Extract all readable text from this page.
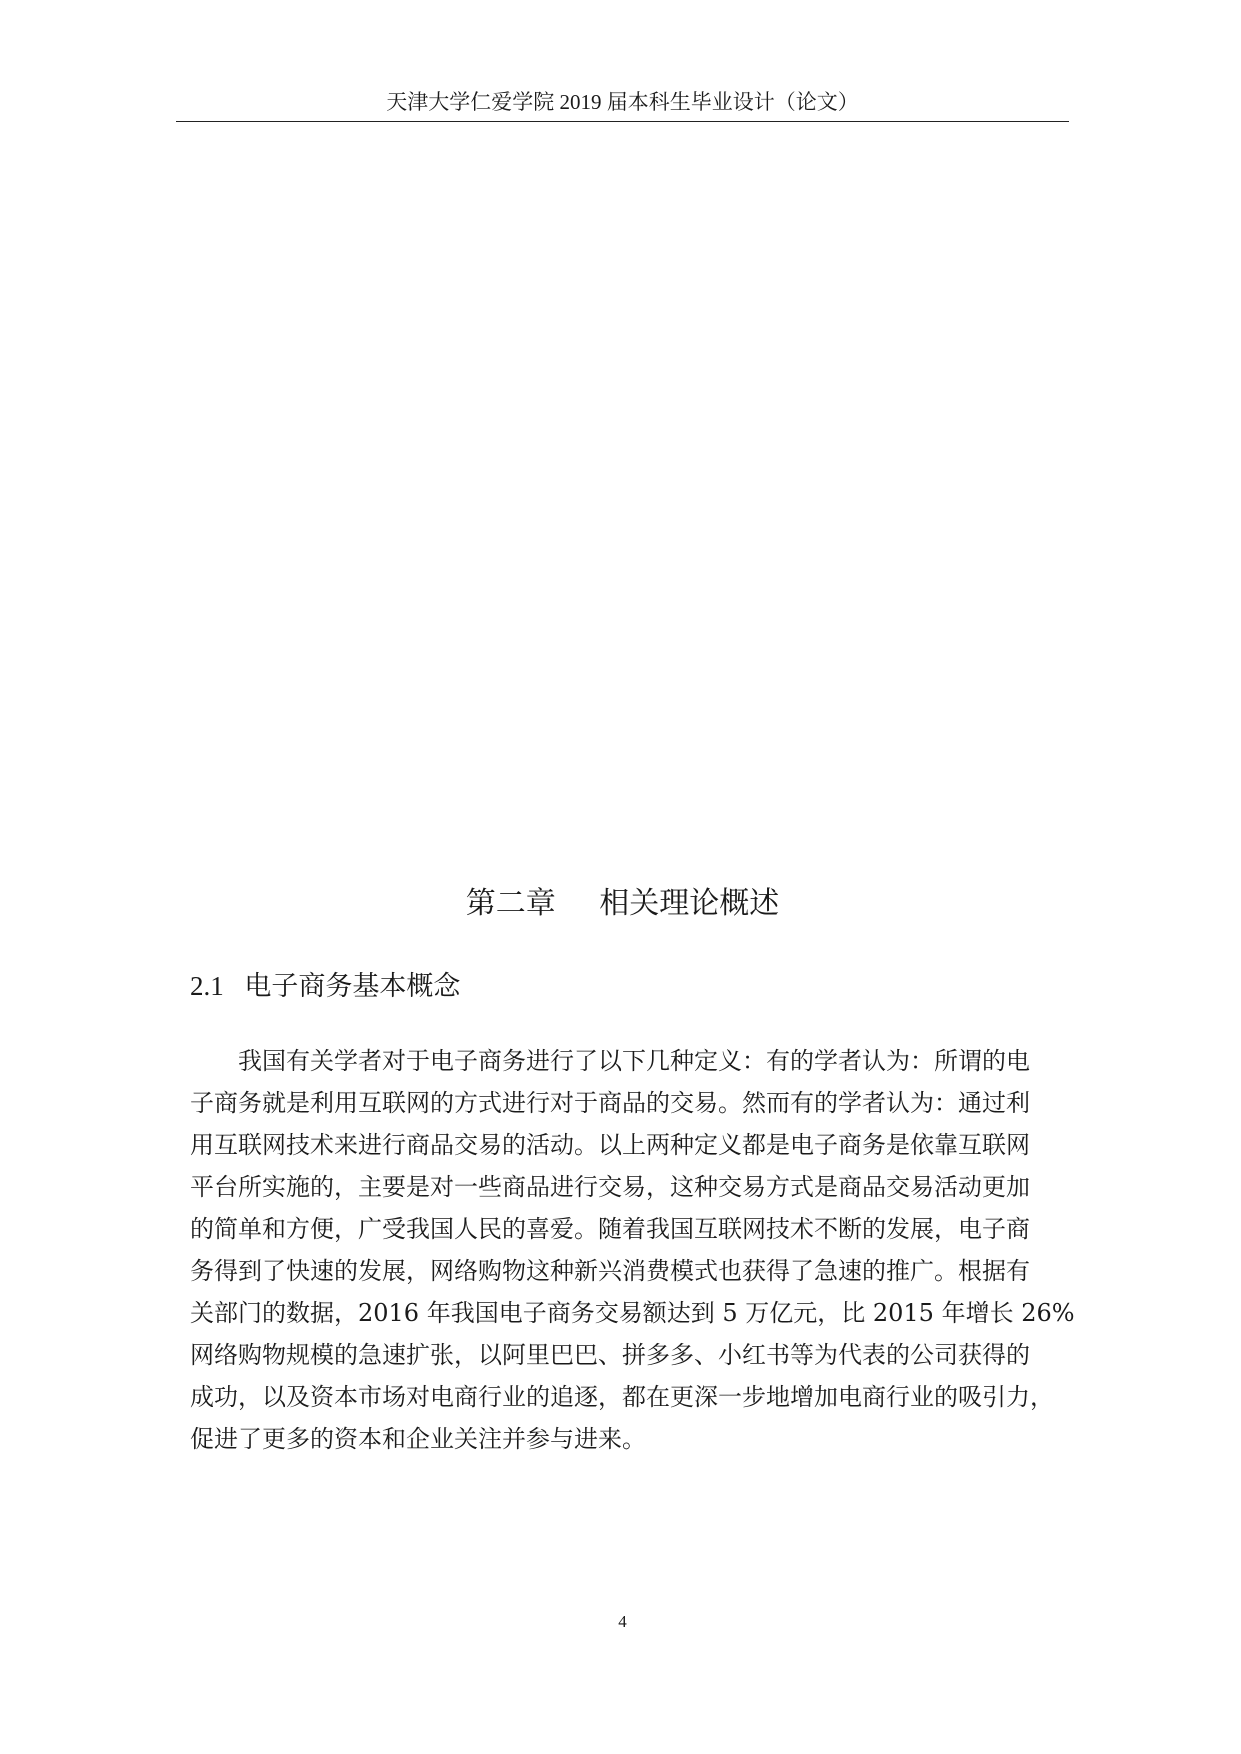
天津大学仁爱学院 2019 届本科生毕业设计（论文）
第二章 相关理论概述
2.1 电子商务基本概念
我国有关学者对于电子商务进行了以下几种定义：有的学者认为：所谓的电
子商务就是利用互联网的方式进行对于商品的交易。然而有的学者认为：通过利
用互联网技术来进行商品交易的活动。以上两种定义都是电子商务是依靠互联网
平台所实施的，主要是对一些商品进行交易，这种交易方式是商品交易活动更加
的简单和方便，广受我国人民的喜爱。随着我国互联网技术不断的发展，电子商
务得到了快速的发展，网络购物这种新兴消费模式也获得了急速的推广。根据有
关部门的数据，2016 年我国电子商务交易额达到 5 万亿元，比 2015 年增长 26%
网络购物规模的急速扩张，以阿里巴巴、拼多多、小红书等为代表的公司获得的
成功，以及资本市场对电商行业的追逐，都在更深一步地增加电商行业的吸引力，
促进了更多的资本和企业关注并参与进来。
4
